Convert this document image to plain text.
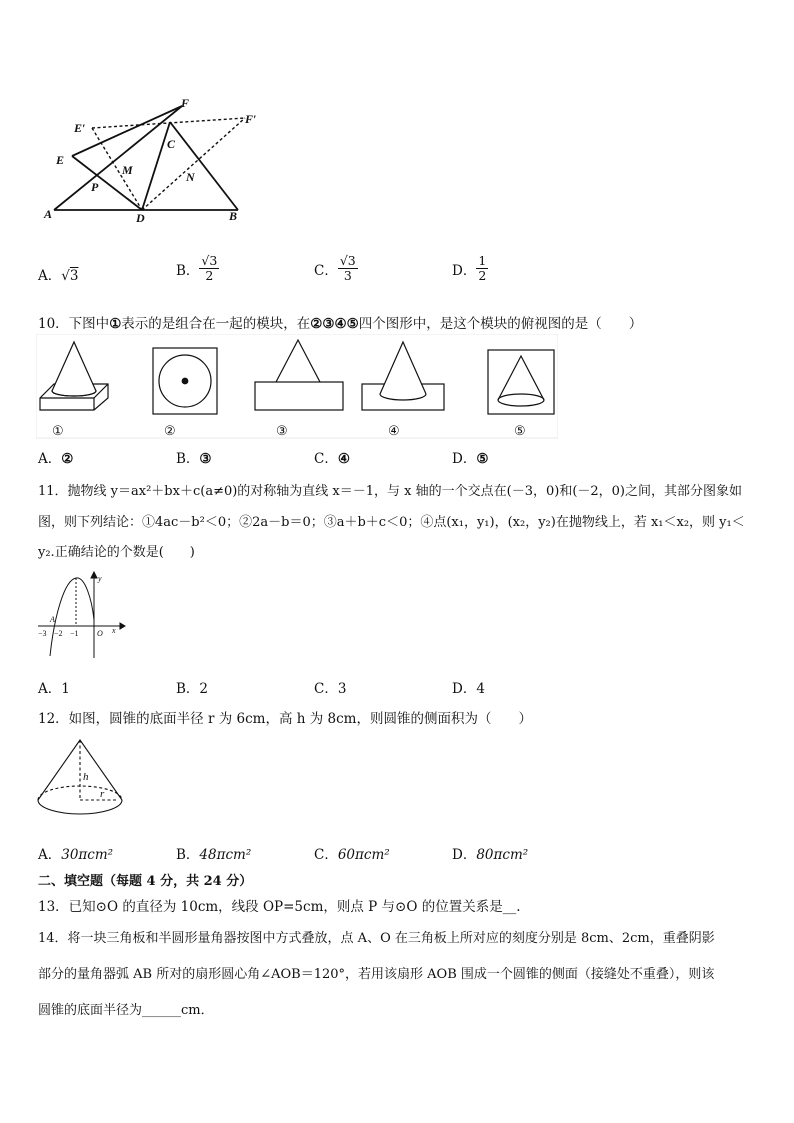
F
E′
F′
E
C
M
P
N
A	D	B
A．√3	B． $\frac{√3}{2}$	C． $\frac{√3}{3}$	D． $\frac{1}{2}$
10．下图中①表示的是组合在一起的模块，在②③④⑤四个图形中，是这个模块的俯视图的是（　　）
①	②	③	④	⑤
A．②	B．③	C．④	D．⑤
11．抛物线 y＝ax²＋bx＋c(a≠0)的对称轴为直线 x＝－1，与 x 轴的一个交点在(－3，0)和(－2，0)之间，其部分图象如
图，则下列结论：①4ac－b²＜0；②2a－b＝0；③a＋b＋c＜0；④点(x₁，y₁)，(x₂，y₂)在抛物线上，若 x₁＜x₂，则 y₁＜
y₂.正确结论的个数是(　　)
y
x
O
A
−3 −2 −1
A．1	B．2	C．3	D．4
12．如图，圆锥的底面半径 r 为 6cm，高 h 为 8cm，则圆锥的侧面积为（　　）
h
r
A．30πcm²	B．48πcm²	C．60πcm²	D．80πcm²
二、填空题（每题 4 分，共 24 分）
13．已知⊙O 的直径为 10cm，线段 OP=5cm，则点 P 与⊙O 的位置关系是__.
14．将一块三角板和半圆形量角器按图中方式叠放，点 A、O 在三角板上所对应的刻度分别是 8cm、2cm，重叠阴影
部分的量角器弧 AB 所对的扇形圆心角∠AOB＝120°，若用该扇形 AOB 围成一个圆锥的侧面（接缝处不重叠），则该
圆锥的底面半径为______cm．
